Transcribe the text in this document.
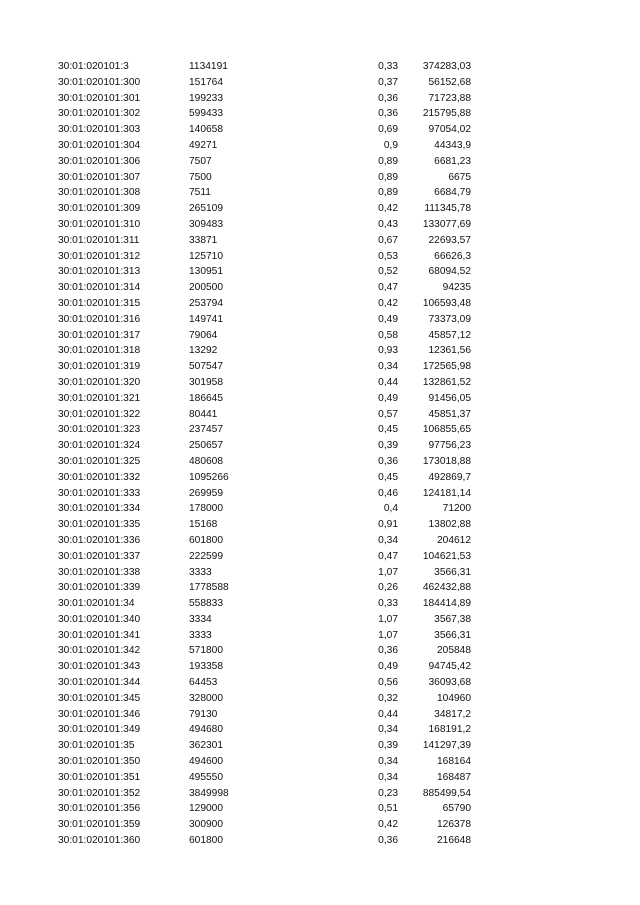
30:01:020101:3	1134191	0,33	374283,03
30:01:020101:300	151764	0,37	56152,68
30:01:020101:301	199233	0,36	71723,88
30:01:020101:302	599433	0,36	215795,88
30:01:020101:303	140658	0,69	97054,02
30:01:020101:304	49271	0,9	44343,9
30:01:020101:306	7507	0,89	6681,23
30:01:020101:307	7500	0,89	6675
30:01:020101:308	7511	0,89	6684,79
30:01:020101:309	265109	0,42	111345,78
30:01:020101:310	309483	0,43	133077,69
30:01:020101:311	33871	0,67	22693,57
30:01:020101:312	125710	0,53	66626,3
30:01:020101:313	130951	0,52	68094,52
30:01:020101:314	200500	0,47	94235
30:01:020101:315	253794	0,42	106593,48
30:01:020101:316	149741	0,49	73373,09
30:01:020101:317	79064	0,58	45857,12
30:01:020101:318	13292	0,93	12361,56
30:01:020101:319	507547	0,34	172565,98
30:01:020101:320	301958	0,44	132861,52
30:01:020101:321	186645	0,49	91456,05
30:01:020101:322	80441	0,57	45851,37
30:01:020101:323	237457	0,45	106855,65
30:01:020101:324	250657	0,39	97756,23
30:01:020101:325	480608	0,36	173018,88
30:01:020101:332	1095266	0,45	492869,7
30:01:020101:333	269959	0,46	124181,14
30:01:020101:334	178000	0,4	71200
30:01:020101:335	15168	0,91	13802,88
30:01:020101:336	601800	0,34	204612
30:01:020101:337	222599	0,47	104621,53
30:01:020101:338	3333	1,07	3566,31
30:01:020101:339	1778588	0,26	462432,88
30:01:020101:34	558833	0,33	184414,89
30:01:020101:340	3334	1,07	3567,38
30:01:020101:341	3333	1,07	3566,31
30:01:020101:342	571800	0,36	205848
30:01:020101:343	193358	0,49	94745,42
30:01:020101:344	64453	0,56	36093,68
30:01:020101:345	328000	0,32	104960
30:01:020101:346	79130	0,44	34817,2
30:01:020101:349	494680	0,34	168191,2
30:01:020101:35	362301	0,39	141297,39
30:01:020101:350	494600	0,34	168164
30:01:020101:351	495550	0,34	168487
30:01:020101:352	3849998	0,23	885499,54
30:01:020101:356	129000	0,51	65790
30:01:020101:359	300900	0,42	126378
30:01:020101:360	601800	0,36	216648
